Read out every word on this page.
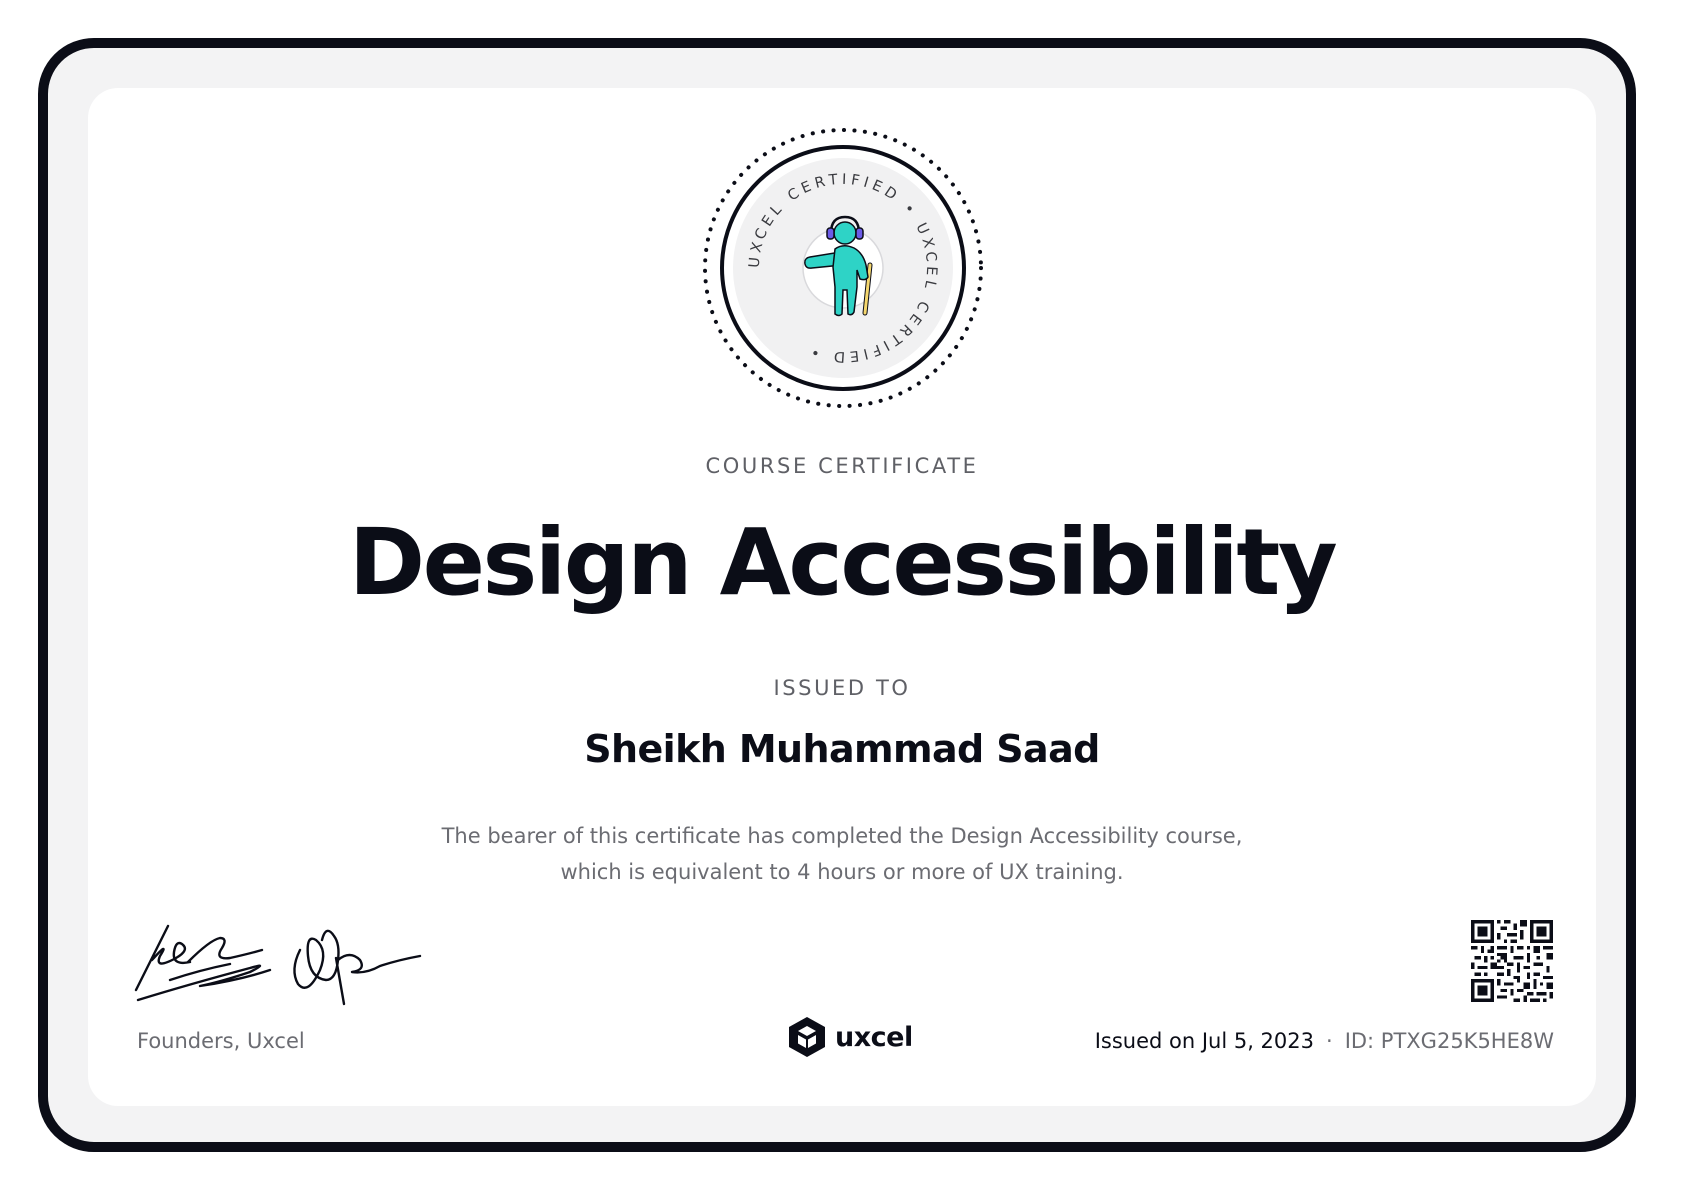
UXCEL CERTIFIED • UXCEL CERTIFIED •
COURSE CERTIFICATE
Design Accessibility
ISSUED TO
Sheikh Muhammad Saad
The bearer of this certificate has completed the Design Accessibility course,
which is equivalent to 4 hours or more of UX training.
Founders, Uxcel	uxcel	Issued on Jul 5, 2023 · ID: PTXG25K5HE8W
